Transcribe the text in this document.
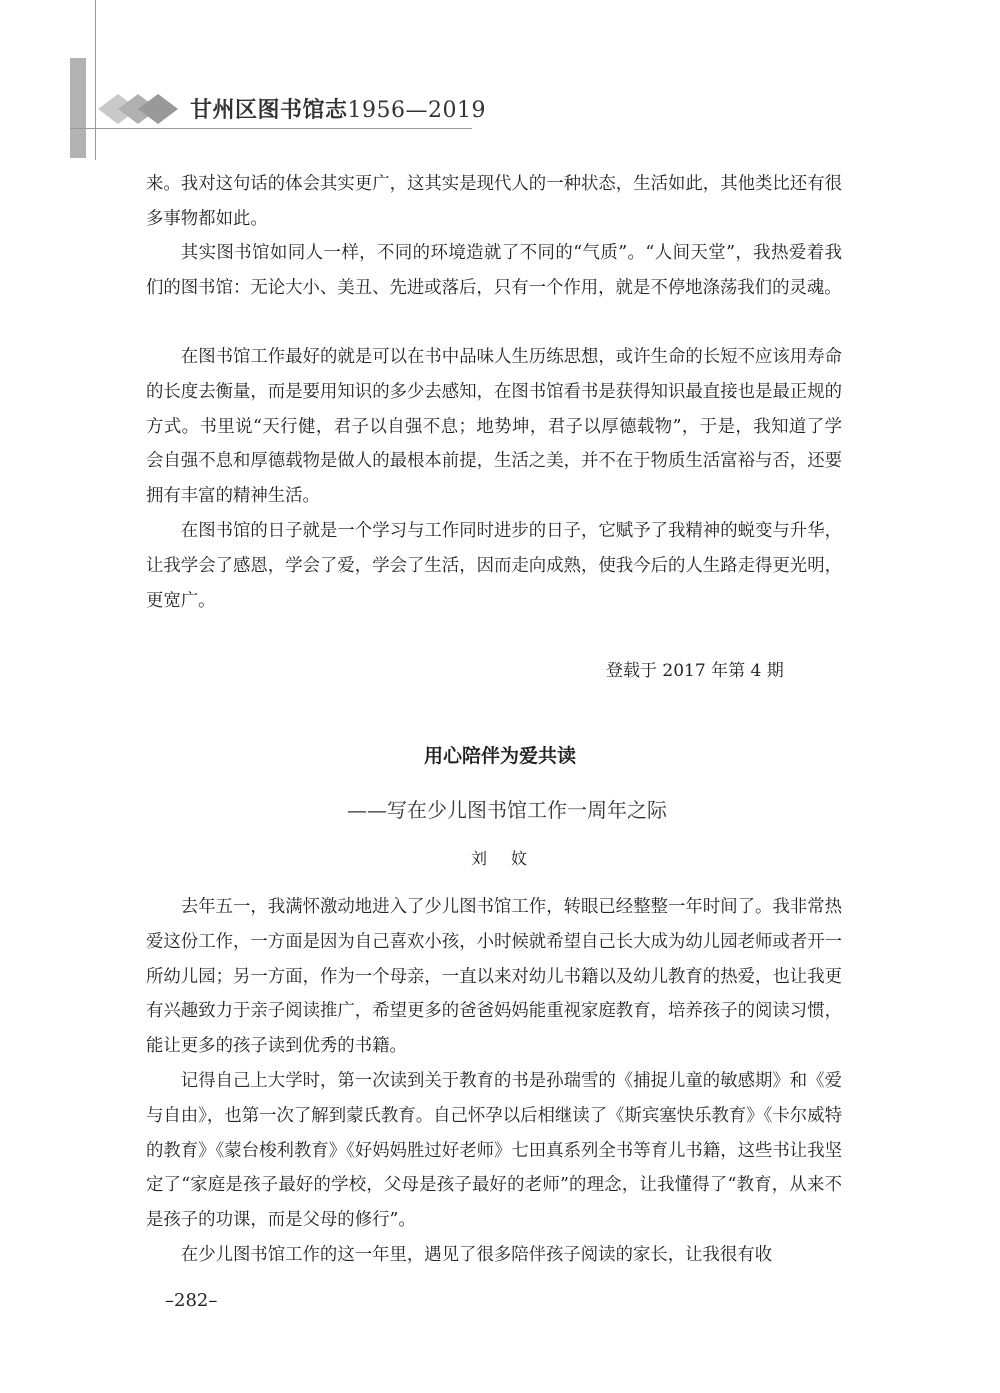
甘州区图书馆志1956—2019

来。我对这句话的体会其实更广，这其实是现代人的一种状态，生活如此，其他类比还有很多事物都如此。

其实图书馆如同人一样，不同的环境造就了不同的“气质”。“人间天堂”，我热爱着我们的图书馆：无论大小、美丑、先进或落后，只有一个作用，就是不停地涤荡我们的灵魂。

在图书馆工作最好的就是可以在书中品味人生历练思想，或许生命的长短不应该用寿命的长度去衡量，而是要用知识的多少去感知，在图书馆看书是获得知识最直接也是最正规的方式。书里说“天行健，君子以自强不息；地势坤，君子以厚德载物”，于是，我知道了学会自强不息和厚德载物是做人的最根本前提，生活之美，并不在于物质生活富裕与否，还要拥有丰富的精神生活。

在图书馆的日子就是一个学习与工作同时进步的日子，它赋予了我精神的蜕变与升华，让我学会了感恩，学会了爱，学会了生活，因而走向成熟，使我今后的人生路走得更光明，更宽广。

登载于 2017 年第 4 期
用心陪伴为爱共读
——写在少儿图书馆工作一周年之际
刘妏

去年五一，我满怀激动地进入了少儿图书馆工作，转眼已经整整一年时间了。我非常热爱这份工作，一方面是因为自己喜欢小孩，小时候就希望自己长大成为幼儿园老师或者开一所幼儿园；另一方面，作为一个母亲，一直以来对幼儿书籍以及幼儿教育的热爱，也让我更有兴趣致力于亲子阅读推广，希望更多的爸爸妈妈能重视家庭教育，培养孩子的阅读习惯，能让更多的孩子读到优秀的书籍。

记得自己上大学时，第一次读到关于教育的书是孙瑞雪的《捕捉儿童的敏感期》和《爱与自由》，也第一次了解到蒙氏教育。自己怀孕以后相继读了《斯宾塞快乐教育》《卡尔威特的教育》《蒙台梭利教育》《好妈妈胜过好老师》七田真系列全书等育儿书籍，这些书让我坚定了“家庭是孩子最好的学校，父母是孩子最好的老师”的理念，让我懂得了“教育，从来不是孩子的功课，而是父母的修行”。

在少儿图书馆工作的这一年里，遇见了很多陪伴孩子阅读的家长，让我很有收

–282–
